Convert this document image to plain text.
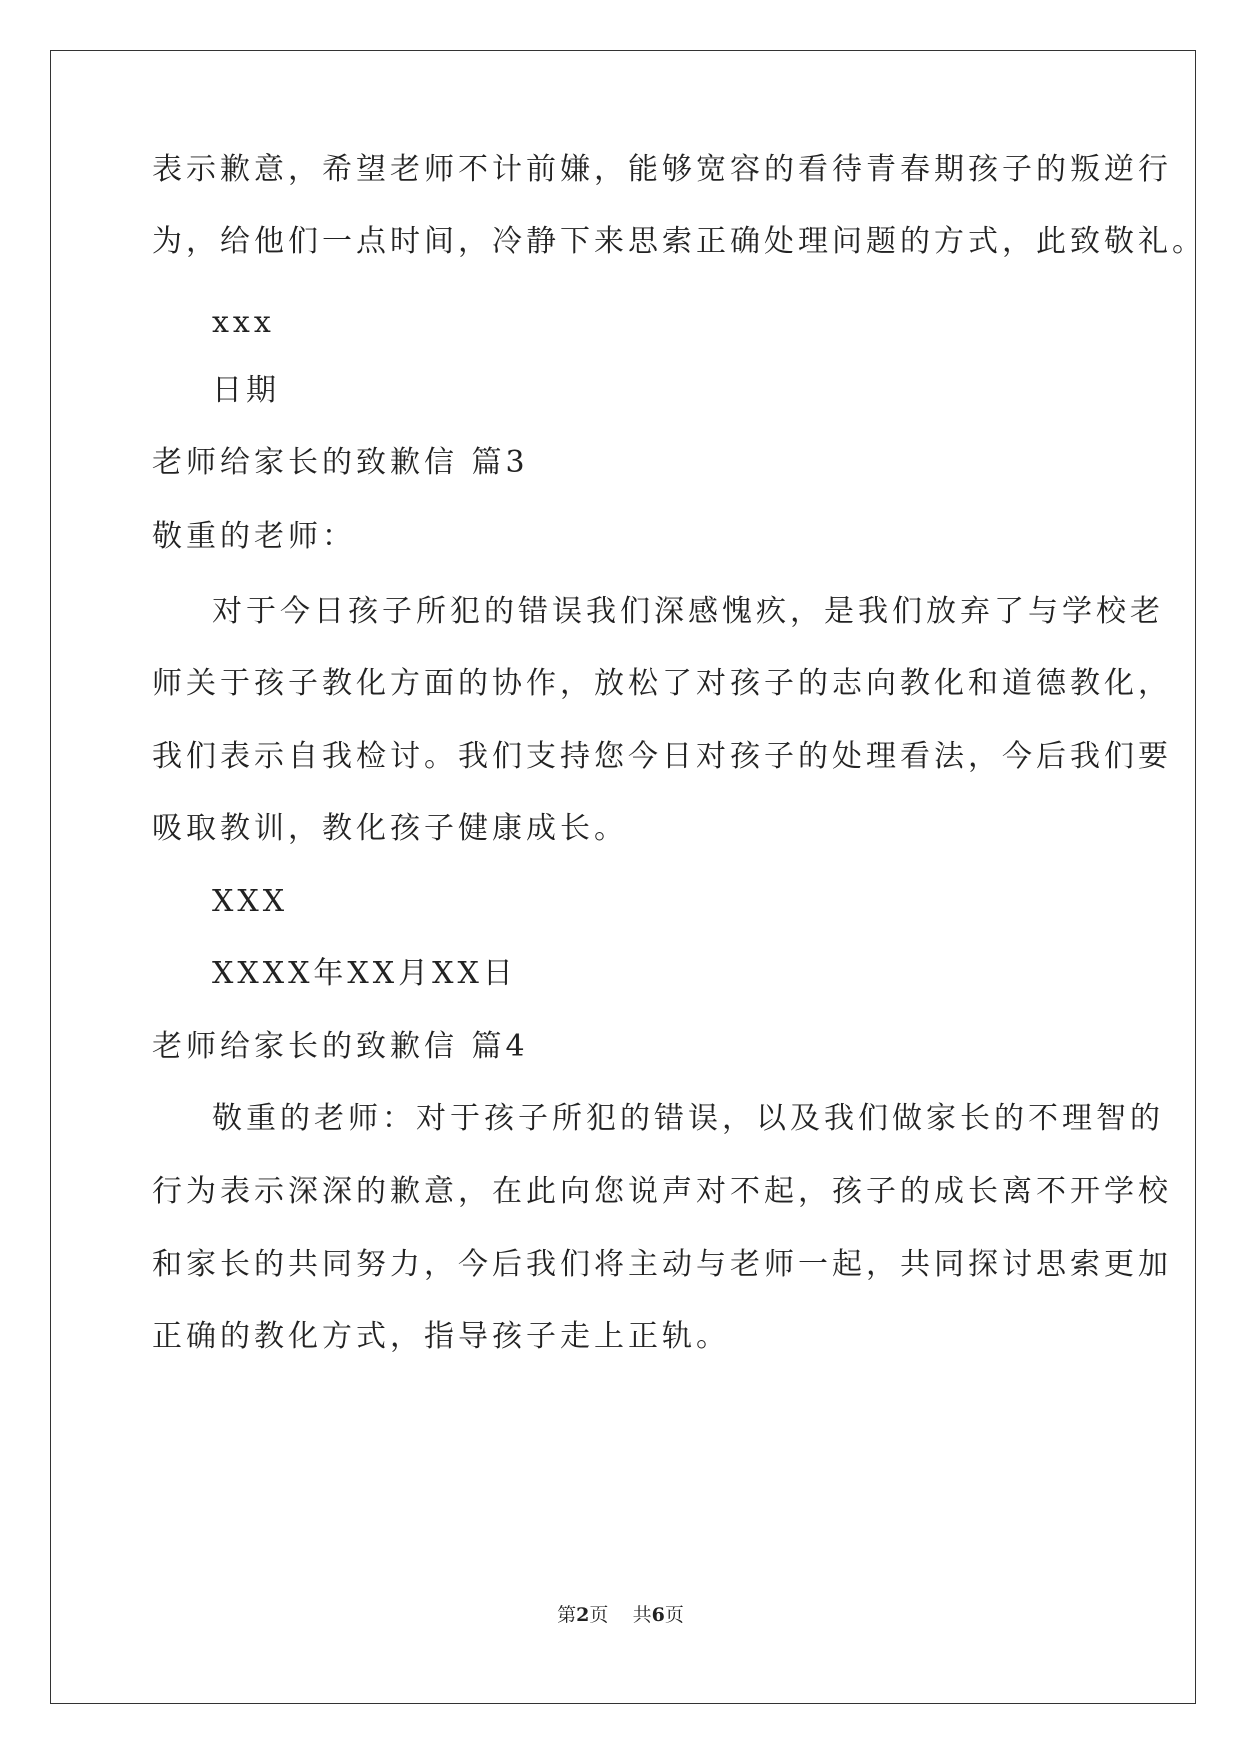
表示歉意，希望老师不计前嫌，能够宽容的看待青春期孩子的叛逆行
为，给他们一点时间，冷静下来思索正确处理问题的方式，此致敬礼。
xxx
日期
老师给家长的致歉信 篇3
敬重的老师：
对于今日孩子所犯的错误我们深感愧疚，是我们放弃了与学校老
师关于孩子教化方面的协作，放松了对孩子的志向教化和道德教化，
我们表示自我检讨。我们支持您今日对孩子的处理看法，今后我们要
吸取教训，教化孩子健康成长。
XXX
XXXX年XX月XX日
老师给家长的致歉信 篇4
敬重的老师：对于孩子所犯的错误，以及我们做家长的不理智的
行为表示深深的歉意，在此向您说声对不起，孩子的成长离不开学校
和家长的共同努力，今后我们将主动与老师一起，共同探讨思索更加
正确的教化方式，指导孩子走上正轨。
第2页 共6页
